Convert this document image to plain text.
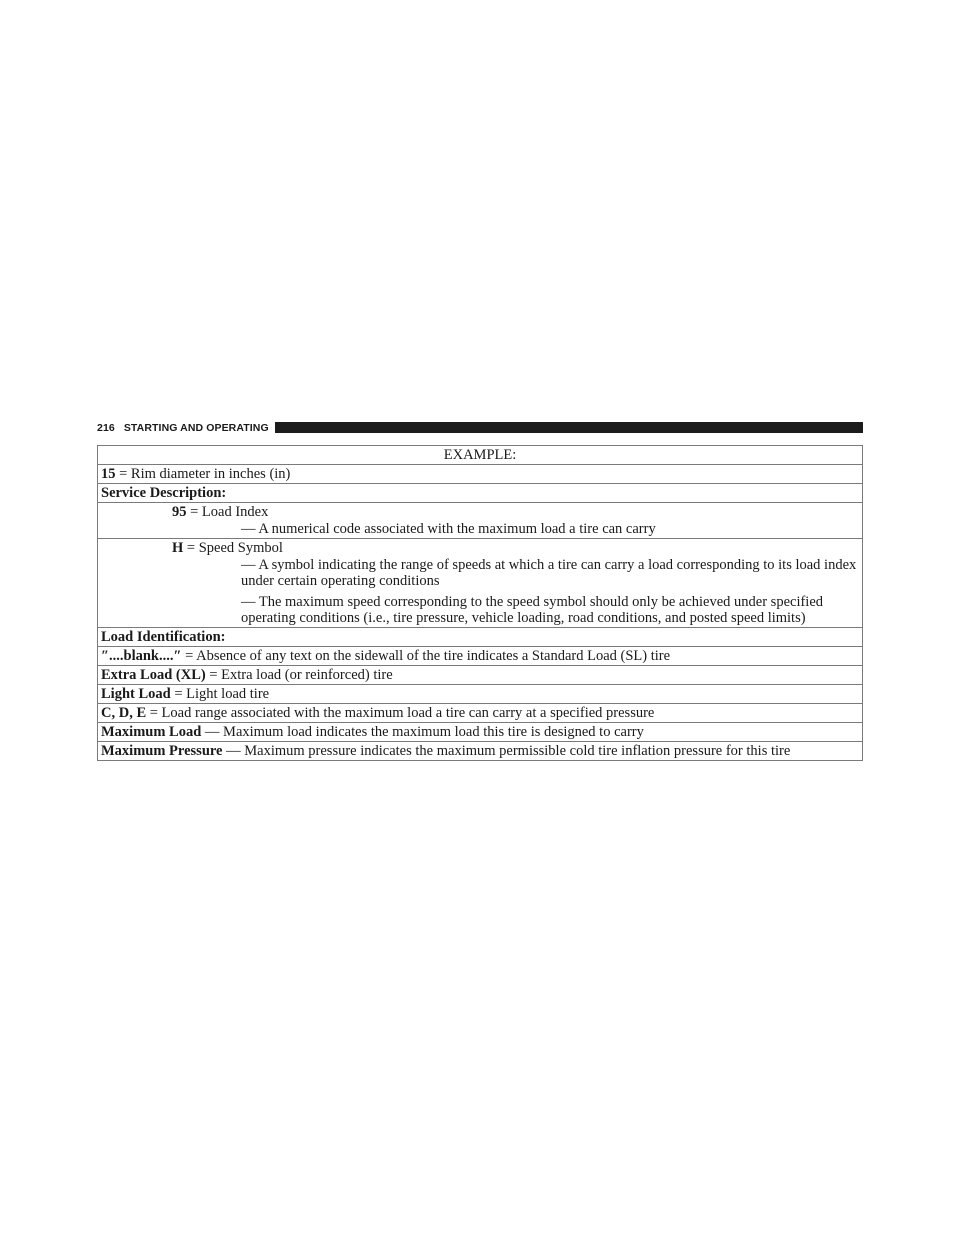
216 STARTING AND OPERATING
EXAMPLE:
15 = Rim diameter in inches (in)
Service Description:

95 = Load Index
— A numerical code associated with the maximum load a tire can carry

H = Speed Symbol
— A symbol indicating the range of speeds at which a tire can carry a load corresponding to its load index under certain operating conditions
— The maximum speed corresponding to the speed symbol should only be achieved under specified operating conditions (i.e., tire pressure, vehicle loading, road conditions, and posted speed limits)

Load Identification:
″....blank....″ = Absence of any text on the sidewall of the tire indicates a Standard Load (SL) tire
Extra Load (XL) = Extra load (or reinforced) tire
Light Load = Light load tire
C, D, E = Load range associated with the maximum load a tire can carry at a specified pressure
Maximum Load — Maximum load indicates the maximum load this tire is designed to carry
Maximum Pressure — Maximum pressure indicates the maximum permissible cold tire inflation pressure for this tire
